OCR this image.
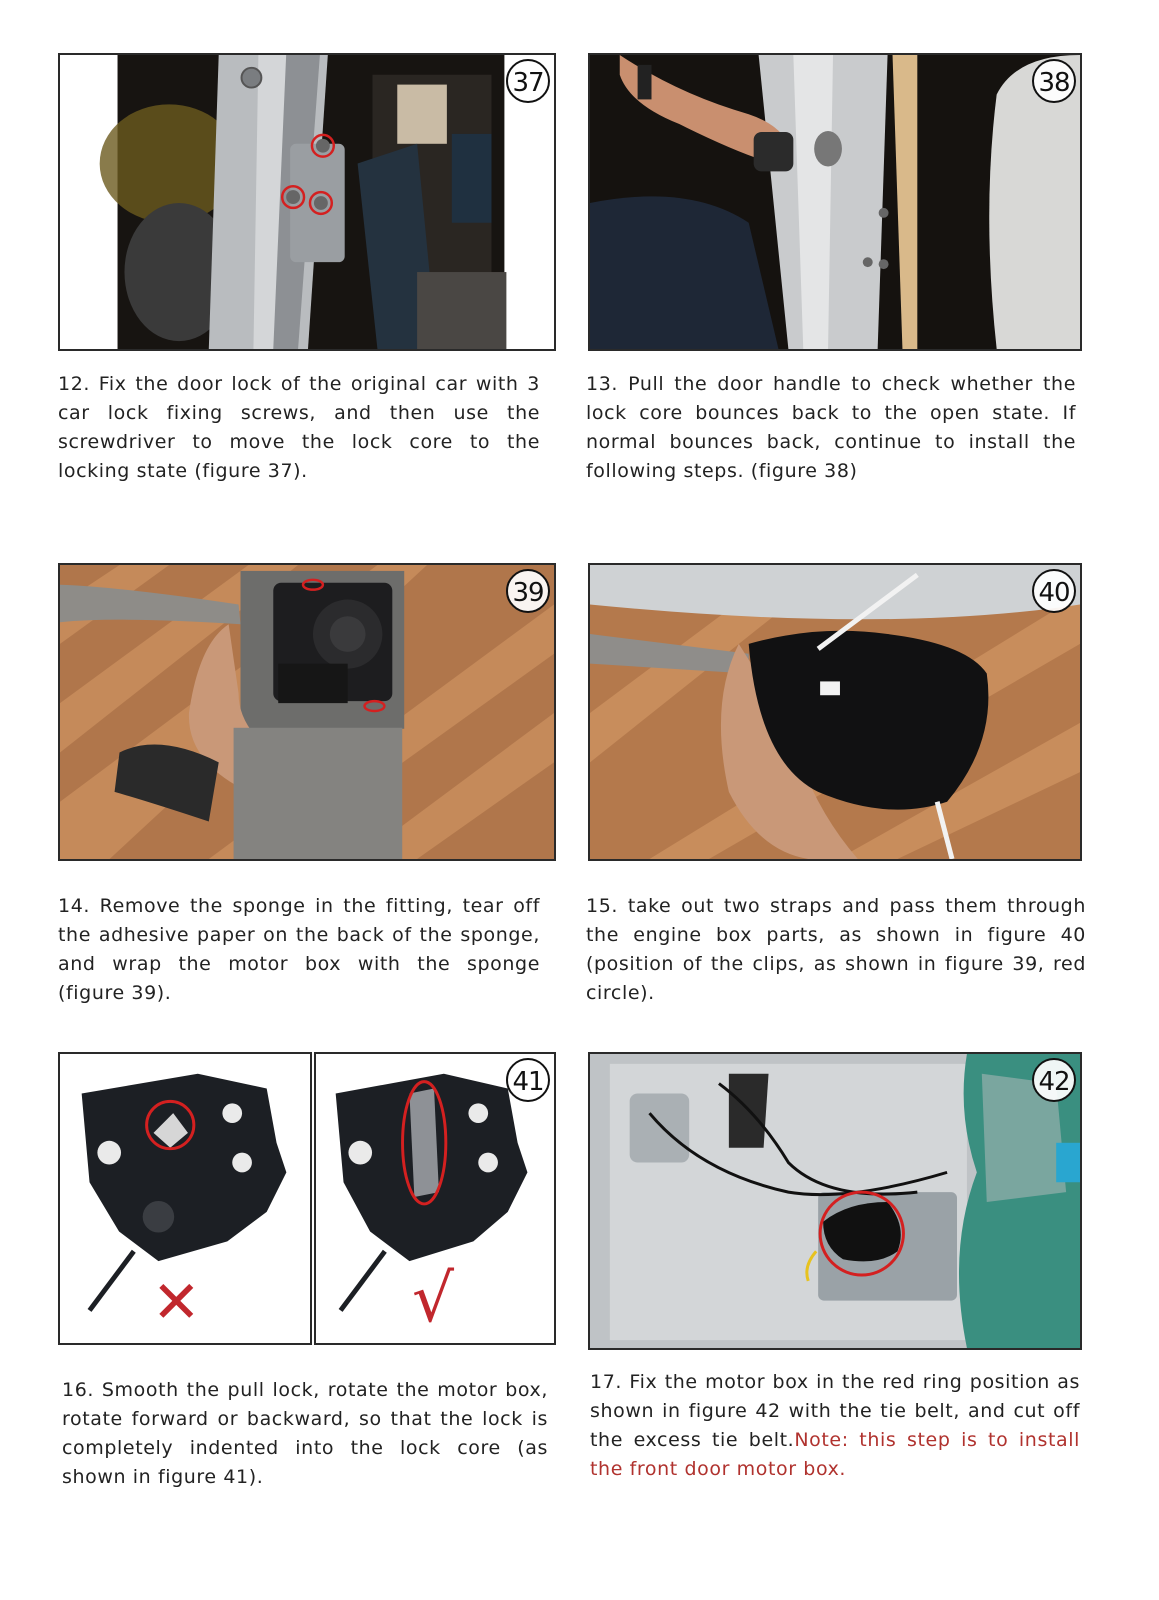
37
12. Fix the door lock of the original car with 3 car lock fixing screws, and then use the screwdriver to move the lock core to the locking state (figure 37).
38
13. Pull the door handle to check whether the lock core bounces back to the open state. If normal bounces back, continue to install the following steps. (figure 38)
39
14. Remove the sponge in the fitting, tear off the adhesive paper on the back of the sponge, and wrap the motor box with the sponge (figure 39).
40
15. take out two straps and pass them through the engine box parts, as shown in figure 40 (position of the clips, as shown in figure 39, red circle).
✕
41
√
16. Smooth the pull lock, rotate the motor box, rotate forward or backward, so that the lock is completely indented into the lock core (as shown in figure 41).
42
17. Fix the motor box in the red ring position as shown in figure 42 with the tie belt, and cut off the excess tie belt.Note: this step is to install the front door motor box.
